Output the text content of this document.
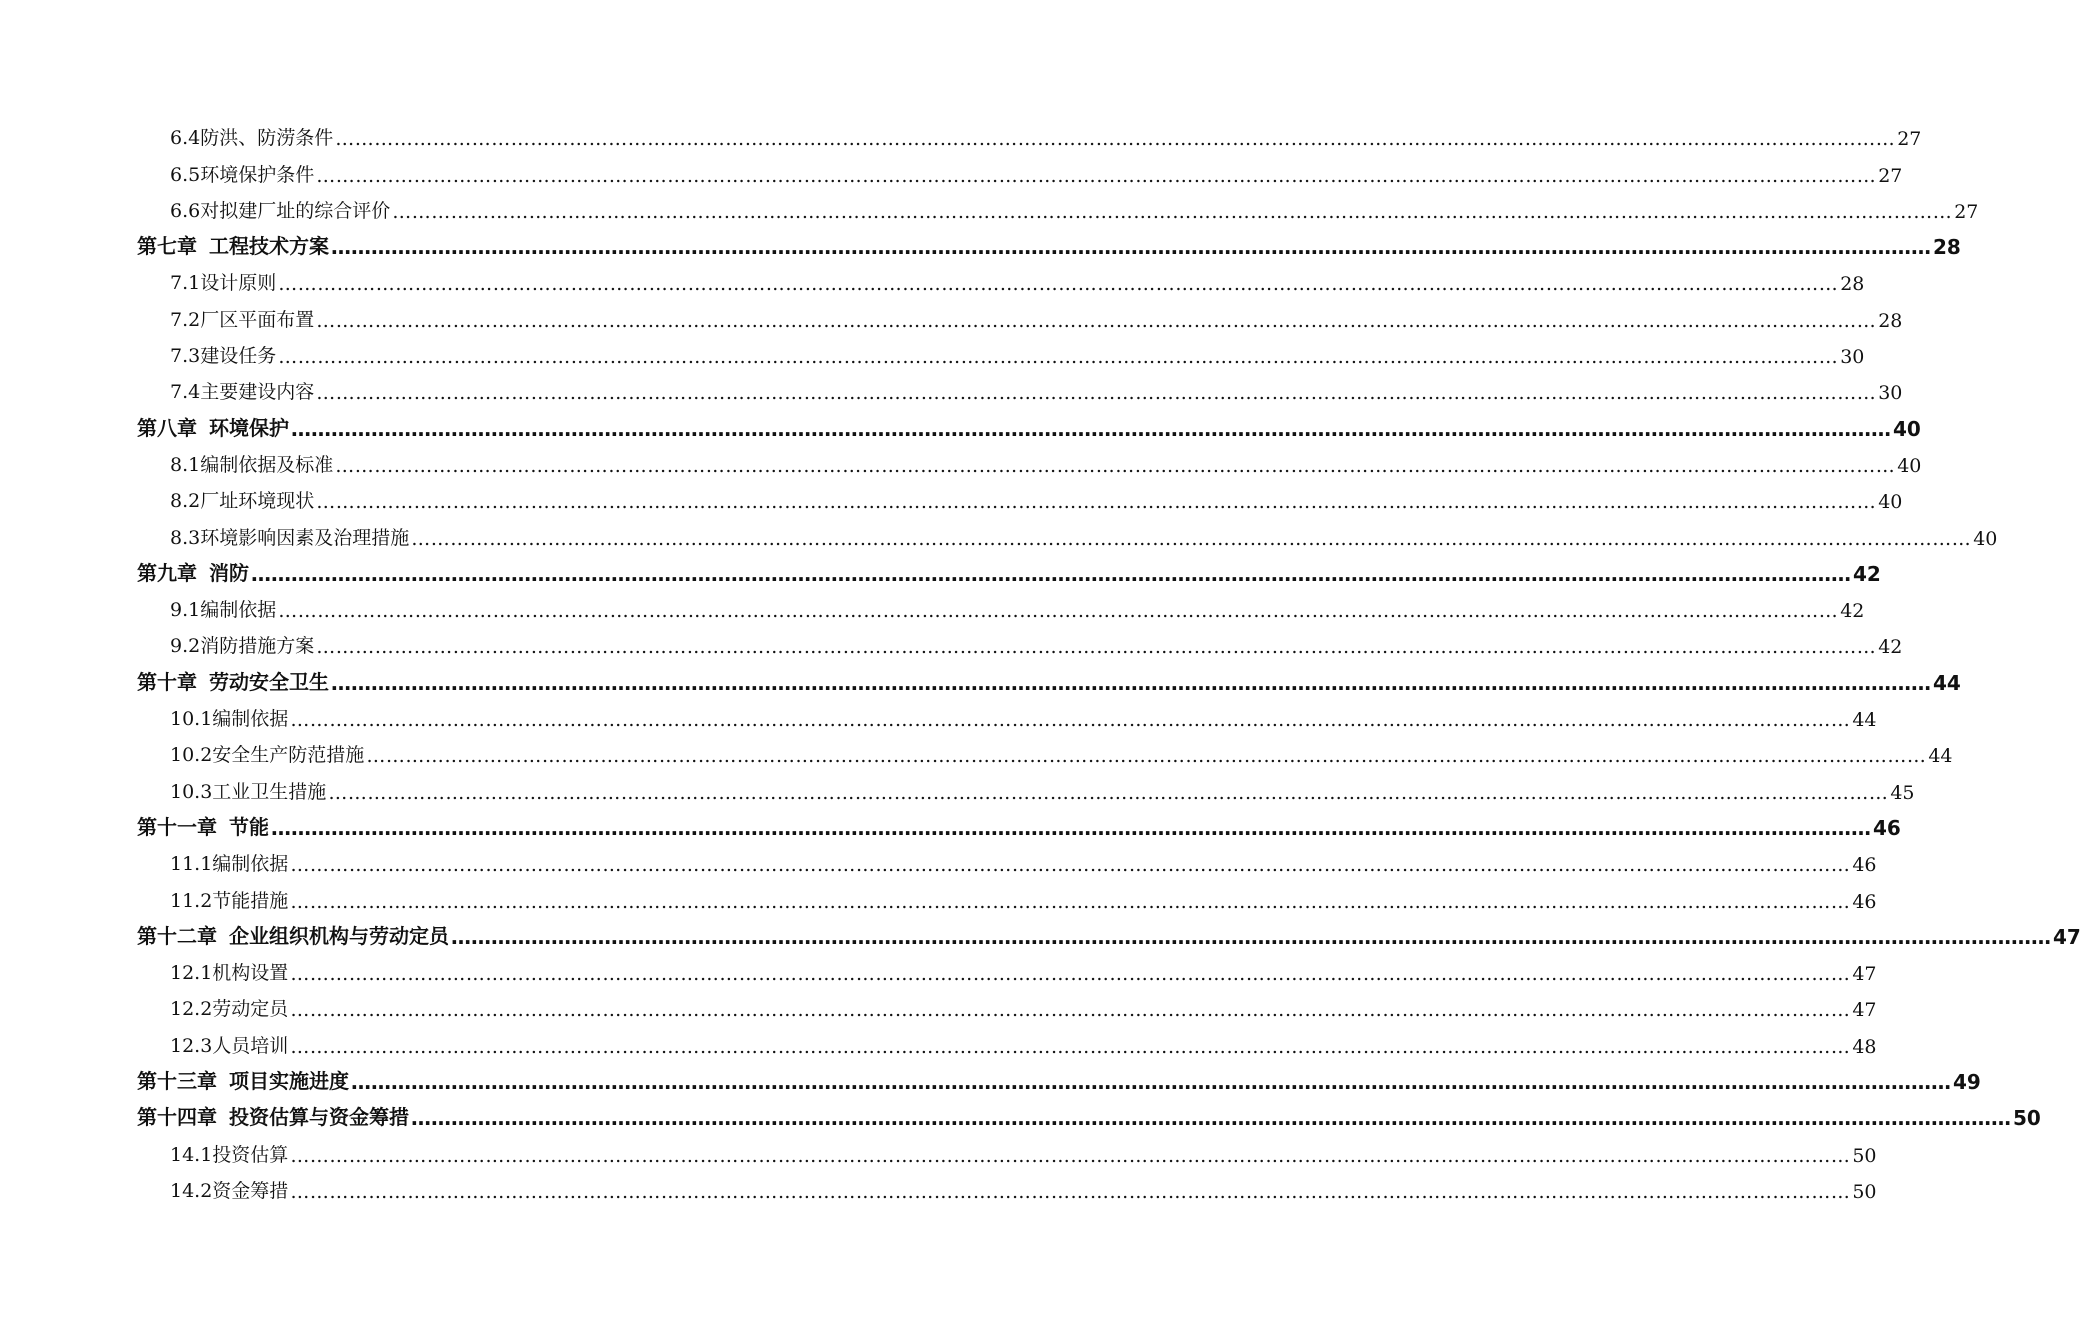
6.4防洪、防涝条件 …………………………………………………………………………………………………………………………………………………………………………………………………………………… 27
6.5环境保护条件 …………………………………………………………………………………………………………………………………………………………………………………………………………………… 27
6.6对拟建厂址的综合评价 …………………………………………………………………………………………………………………………………………………………………………………………………………………… 27
第七章 工程技术方案 …………………………………………………………………………………………………………………………………………………………………………………………………………………… 28
7.1设计原则 …………………………………………………………………………………………………………………………………………………………………………………………………………………… 28
7.2厂区平面布置 …………………………………………………………………………………………………………………………………………………………………………………………………………………… 28
7.3建设任务 …………………………………………………………………………………………………………………………………………………………………………………………………………………… 30
7.4主要建设内容 …………………………………………………………………………………………………………………………………………………………………………………………………………………… 30
第八章 环境保护 …………………………………………………………………………………………………………………………………………………………………………………………………………………… 40
8.1编制依据及标准 …………………………………………………………………………………………………………………………………………………………………………………………………………………… 40
8.2厂址环境现状 …………………………………………………………………………………………………………………………………………………………………………………………………………………… 40
8.3环境影响因素及治理措施 …………………………………………………………………………………………………………………………………………………………………………………………………………………… 40
第九章 消防 …………………………………………………………………………………………………………………………………………………………………………………………………………………… 42
9.1编制依据 …………………………………………………………………………………………………………………………………………………………………………………………………………………… 42
9.2消防措施方案 …………………………………………………………………………………………………………………………………………………………………………………………………………………… 42
第十章 劳动安全卫生 …………………………………………………………………………………………………………………………………………………………………………………………………………………… 44
10.1编制依据 …………………………………………………………………………………………………………………………………………………………………………………………………………………… 44
10.2安全生产防范措施 …………………………………………………………………………………………………………………………………………………………………………………………………………………… 44
10.3工业卫生措施 …………………………………………………………………………………………………………………………………………………………………………………………………………………… 45
第十一章 节能 …………………………………………………………………………………………………………………………………………………………………………………………………………………… 46
11.1编制依据 …………………………………………………………………………………………………………………………………………………………………………………………………………………… 46
11.2节能措施 …………………………………………………………………………………………………………………………………………………………………………………………………………………… 46
第十二章 企业组织机构与劳动定员 …………………………………………………………………………………………………………………………………………………………………………………………………………………… 47
12.1机构设置 …………………………………………………………………………………………………………………………………………………………………………………………………………………… 47
12.2劳动定员 …………………………………………………………………………………………………………………………………………………………………………………………………………………… 47
12.3人员培训 …………………………………………………………………………………………………………………………………………………………………………………………………………………… 48
第十三章 项目实施进度 …………………………………………………………………………………………………………………………………………………………………………………………………………………… 49
第十四章 投资估算与资金筹措 …………………………………………………………………………………………………………………………………………………………………………………………………………………… 50
14.1投资估算 …………………………………………………………………………………………………………………………………………………………………………………………………………………… 50
14.2资金筹措 …………………………………………………………………………………………………………………………………………………………………………………………………………………… 50
